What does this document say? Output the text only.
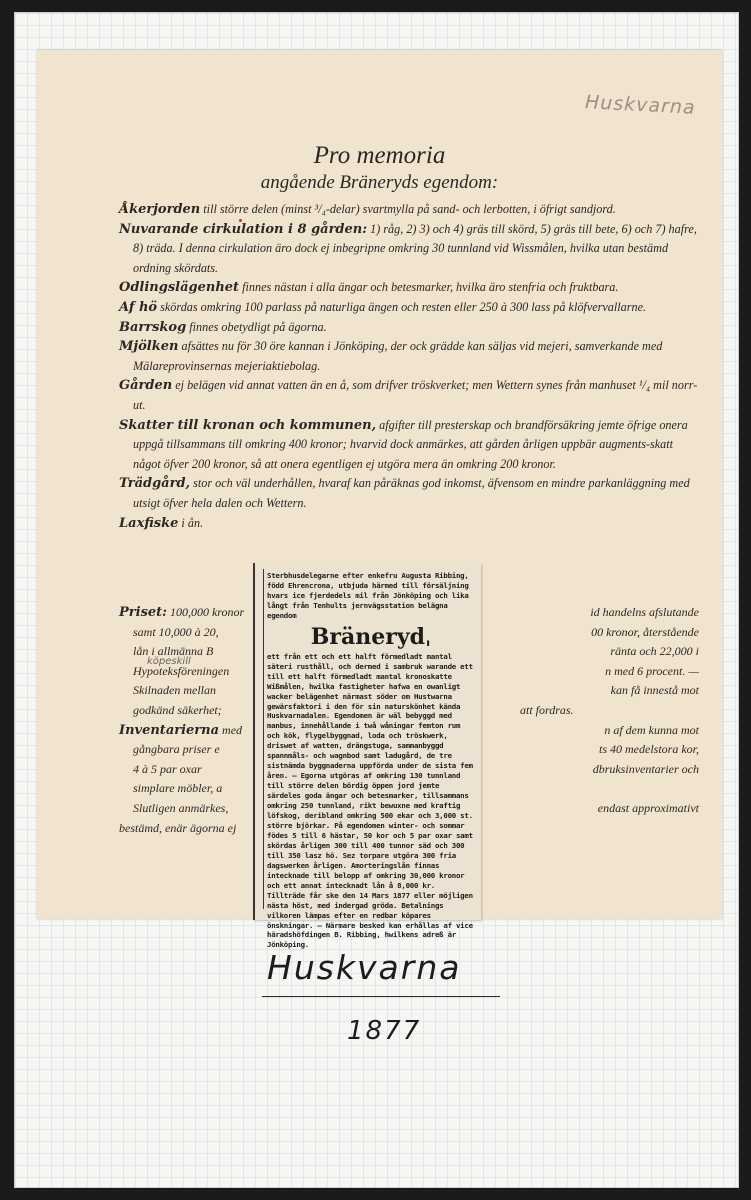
Huskvarna
Pro memoria
angående Bräneryds egendom:

Åkerjorden till större delen (minst ³/₄-delar) svartmylla på sand- och lerbotten, i öfrigt sandjord.

Nuvarande cirkulation i 8 gården: 1) råg, 2) 3) och 4) gräs till skörd, 5) gräs till bete, 6) och 7) hafre, 8) träda. I denna cirkulation äro dock ej inbegripne omkring 30 tunnland vid Wissmålen, hvilka utan bestämd ordning skördats.

Odlingslägenhet finnes nästan i alla ängar och betesmarker, hvilka äro stenfria och fruktbara.

Af hö skördas omkring 100 parlass på naturliga ängen och resten eller 250 à 300 lass på klöfvervallarne.

Barrskog finnes obetydligt på ägorna.

Mjölken afsättes nu för 30 öre kannan i Jönköping, der ock grädde kan säljas vid mejeri, samverkande med Mälareprovinsernas mejeriaktiebolag.

Gården ej belägen vid annat vatten än en å, som drifver tröskverket; men Wettern synes från manhuset ¹/₄ mil norr-ut.

Skatter till kronan och kommunen, afgifter till presterskap och brandförsäkring jemte öfrige onera uppgå tillsammans till omkring 400 kronor; hvarvid dock anmärkes, att gården årligen uppbär augments-skatt något öfver 200 kronor, så att onera egentligen ej utgöra mera än omkring 200 kronor.

Trädgård, stor och väl underhållen, hvaraf kan påräknas god inkomst, äfvensom en mindre parkanläggning med utsigt öfver hela dalen och Wettern.

Laxfiske i ån.

Priset: 100,000 kronor	id handelns afslutande
samt 10,000 à 20,	00 kronor, återstående
lån i allmänna B	ränta och 22,000 i
Hypoteksföreningen	n med 6 procent. —
Skilnaden mellan	kan få innestå mot
godkänd säkerhet;	att fordras.
Inventarierna med	n af dem kunna mot
gångbara priser e	ts 40 medelstora kor,
4 à 5 par oxar	dbruksinventarier och
simplare möbler, a
Slutligen anmärkes,	endast approximativt
bestämd, enär ägorna ej
köpeskill

Sterbhusdelegarne efter enkefru Augusta Ribbing, född Ehrencrona, utbjuda härmed till försäljning hvars ice fjerdedels mil från Jönköping och lika långt från Tenhults jernvägsstation belägna egendom

Bränerydˌ

ett från ett och ett halft förmedladt mantal säteri rusthåll, och dermed i sambruk warande ett till ett halft förmedladt mantal kronoskatte Wißmålen, hwilka fastigheter hafwa en owanligt wacker belägenhet närmast söder om Hustwarna gewärsfaktori i den för sin naturskönhet kända Huskvarnadalen. Egendomen är wäl bebyggd med manbus, innehållande i twå wåningar femton rum och kök, flygelbyggnad, loda och tröskwerk, driswet af watten, drängstuga, sammanbyggd spannmåls- och wagnbod samt ladugård, de tre sistnämda byggnaderna uppförda under de sista fem åren. — Egorna utgöras af omkring 130 tunnland till större delen bördig öppen jord jemte särdeles goda ängar och betesmarker, tillsammans omkring 250 tunnland, rikt bewuxne med kraftig löfskog, deribland omkring 500 ekar och 3,000 st. större björkar. På egendomen winter- och sommar födes 5 till 6 hästar, 50 kor och 5 par oxar samt skördas årligen 300 till 400 tunnor säd och 300 till 350 lasz hö. Sez torpare utgöra 300 fria dagswerken årligen. Amorteringslån finnas intecknade till belopp af omkring 30,000 kronor och ett annat intecknadt lån å 8,000 kr. Tillträde får ske den 14 Mars 1877 eller möjligen nästa höst, med indergad gröda. Betalnings vilkoren lämpas efter en redbar köpares önskningar. — Närmare besked kan erhållas af vice häradshöfdingen B. Ribbing, hwilkens adreß är Jönköping.

Huskvarna
1877
